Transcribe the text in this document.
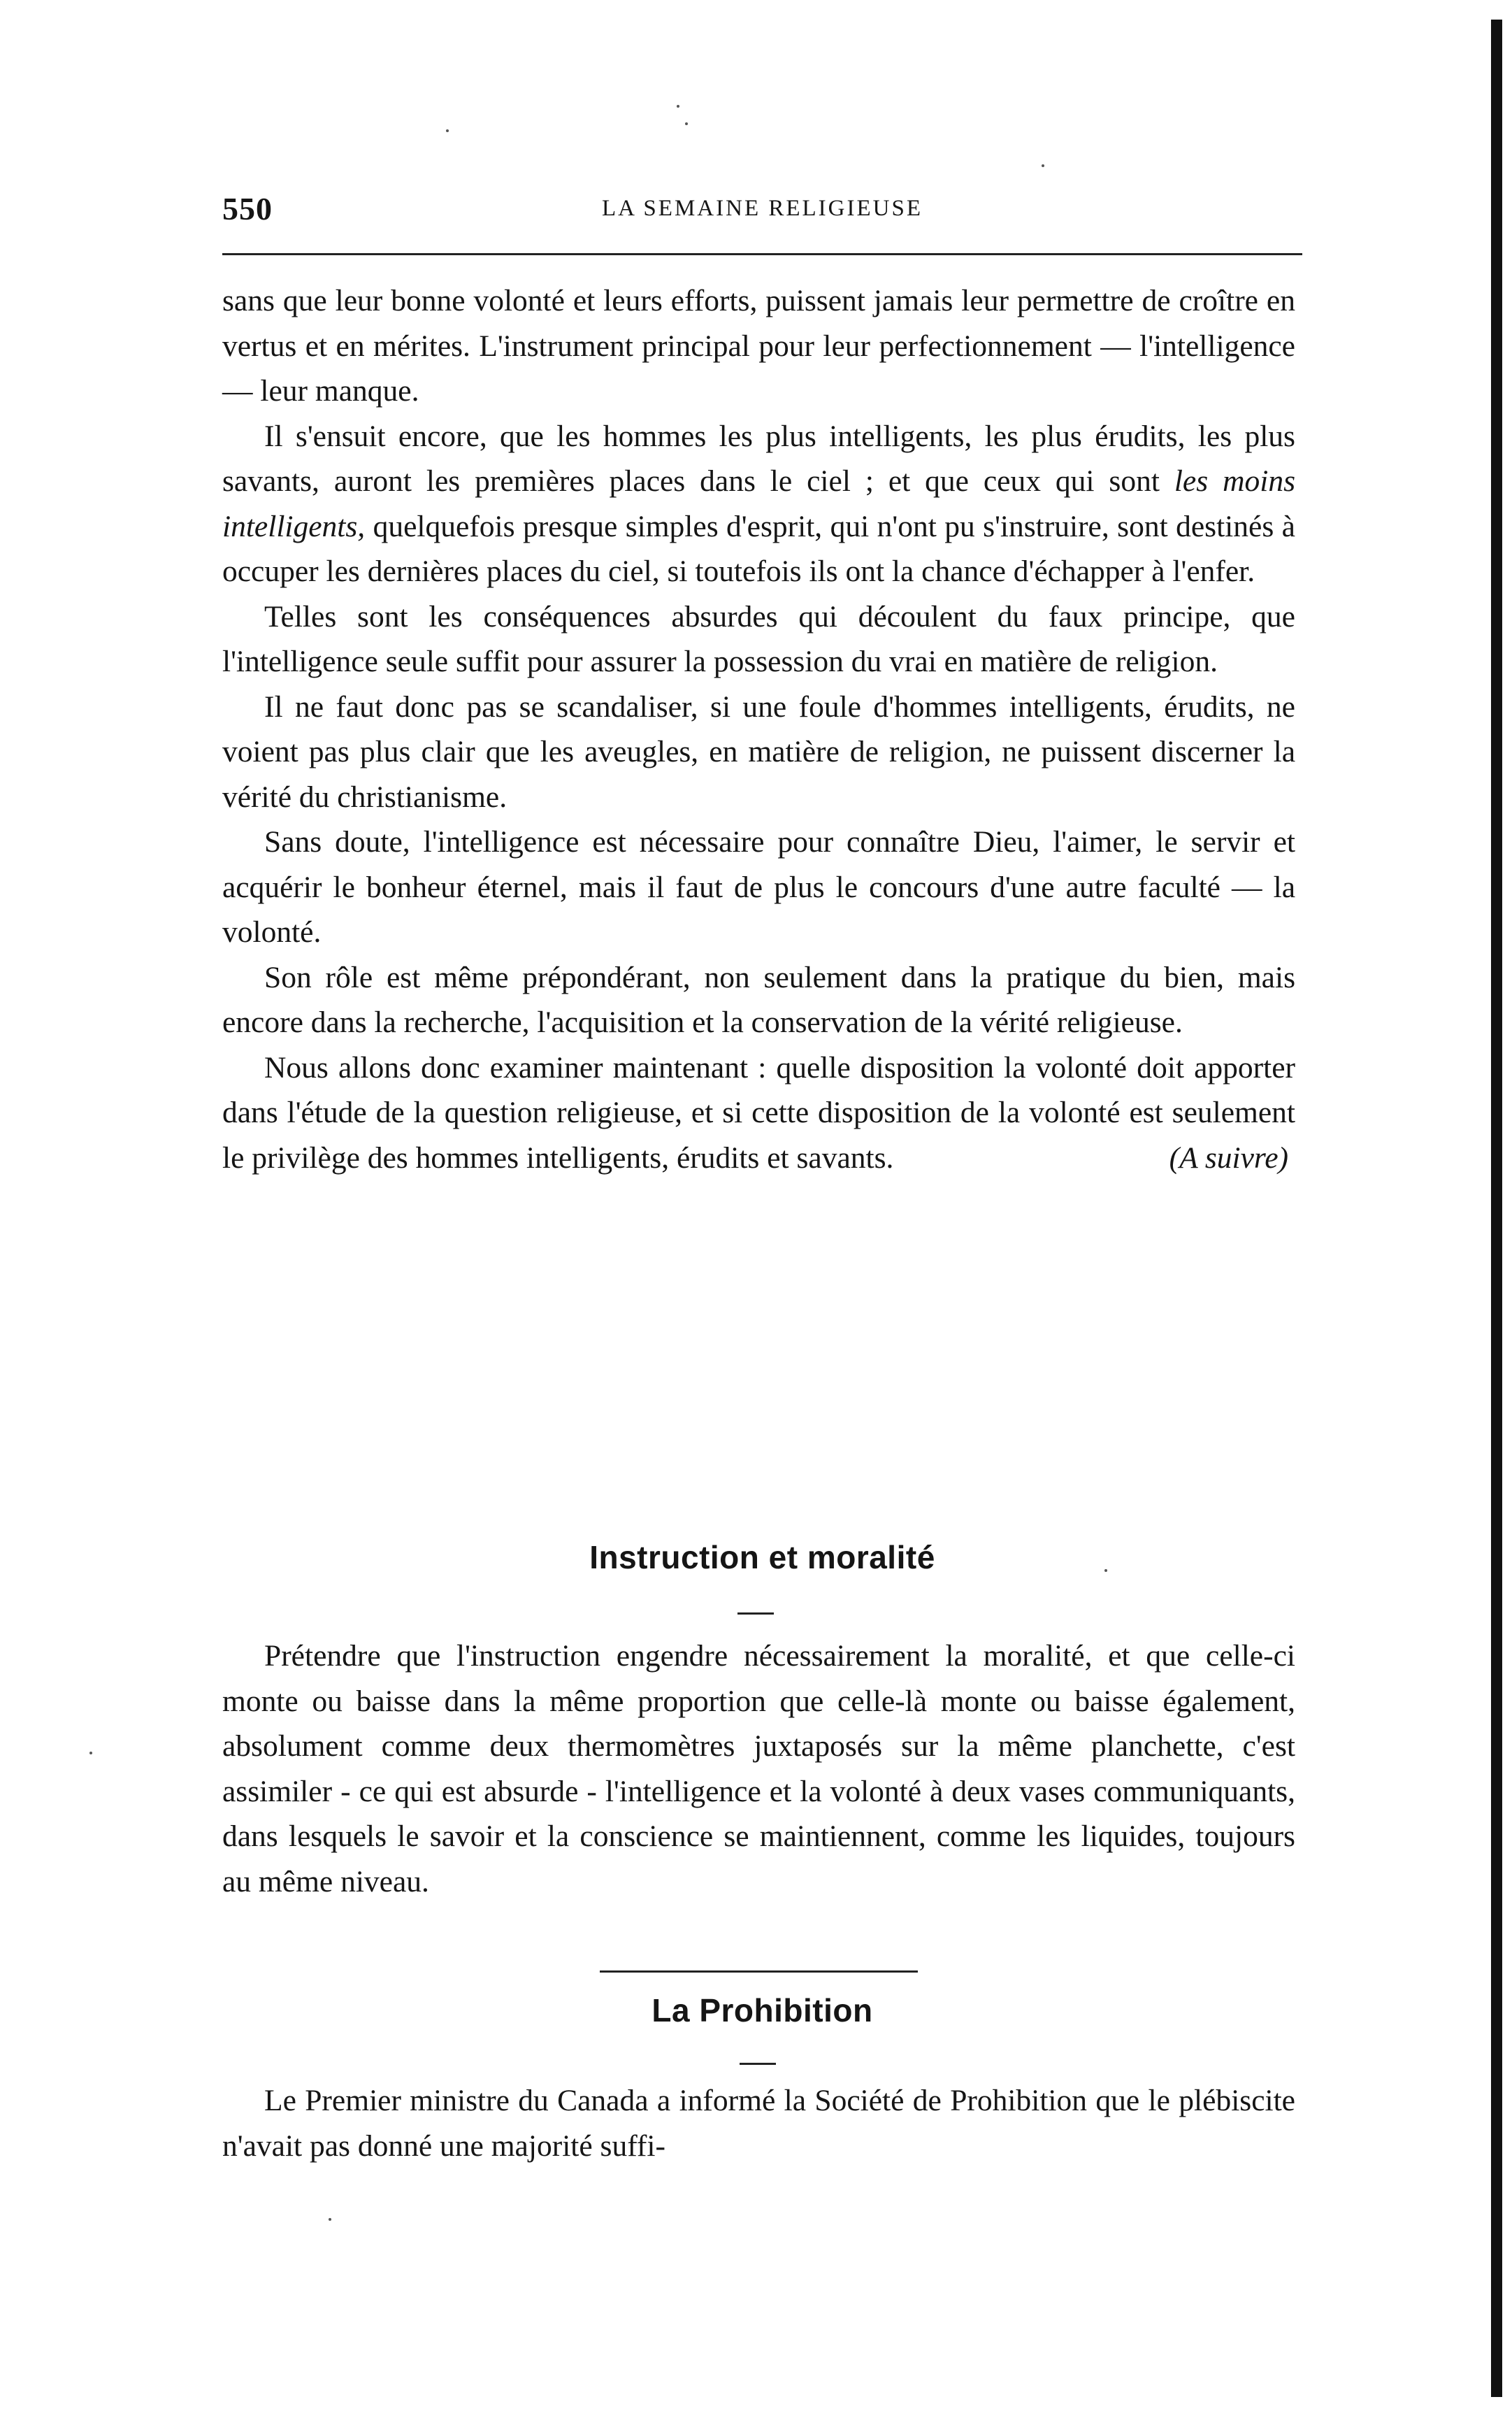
550	LA SEMAINE RELIGIEUSE

sans que leur bonne volonté et leurs efforts, puissent jamais leur permettre de croître en vertus et en mérites. L'instrument principal pour leur perfectionnement — l'intelligence — leur manque.

Il s'ensuit encore, que les hommes les plus intelligents, les plus érudits, les plus savants, auront les premières places dans le ciel ; et que ceux qui sont les moins intelligents, quelquefois presque simples d'esprit, qui n'ont pu s'instruire, sont destinés à occuper les dernières places du ciel, si toutefois ils ont la chance d'échapper à l'enfer.

Telles sont les conséquences absurdes qui découlent du faux principe, que l'intelligence seule suffit pour assurer la possession du vrai en matière de religion.

Il ne faut donc pas se scandaliser, si une foule d'hommes intelligents, érudits, ne voient pas plus clair que les aveugles, en matière de religion, ne puissent discerner la vérité du christianisme.

Sans doute, l'intelligence est nécessaire pour connaître Dieu, l'aimer, le servir et acquérir le bonheur éternel, mais il faut de plus le concours d'une autre faculté — la volonté.

Son rôle est même prépondérant, non seulement dans la pratique du bien, mais encore dans la recherche, l'acquisition et la conservation de la vérité religieuse.

Nous allons donc examiner maintenant : quelle disposition la volonté doit apporter dans l'étude de la question religieuse, et si cette disposition de la volonté est seulement le privilège des hommes intelligents, érudits et savants.	(A suivre)

Instruction et moralité

Prétendre que l'instruction engendre nécessairement la moralité, et que celle-ci monte ou baisse dans la même proportion que celle-là monte ou baisse également, absolument comme deux thermomètres juxtaposés sur la même planchette, c'est assimiler - ce qui est absurde - l'intelligence et la volonté à deux vases communiquants, dans lesquels le savoir et la conscience se maintiennent, comme les liquides, toujours au même niveau.

La Prohibition

Le Premier ministre du Canada a informé la Société de Prohibition que le plébiscite n'avait pas donné une majorité suffi-
